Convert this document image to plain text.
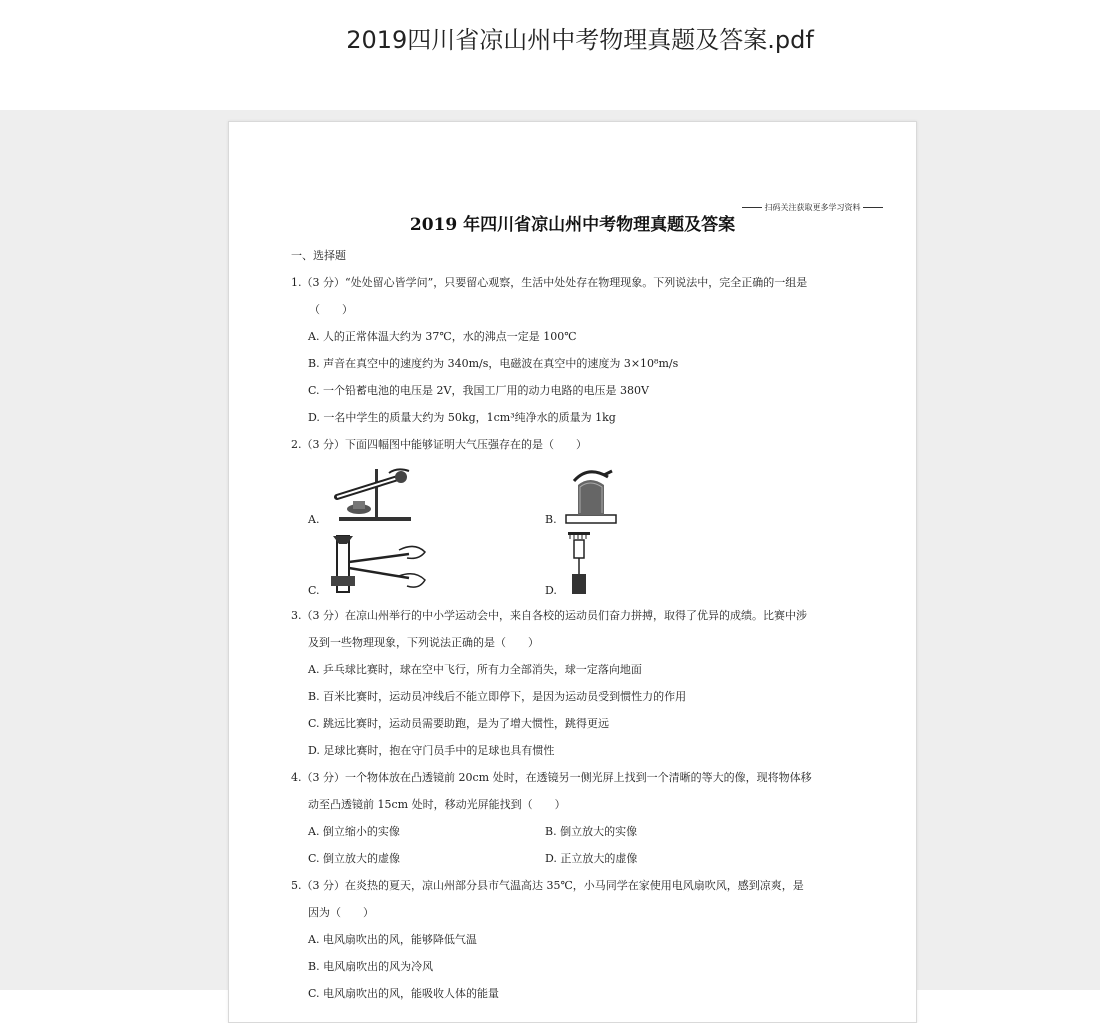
2019四川省凉山州中考物理真题及答案.pdf
扫码关注获取更多学习资料
2019 年四川省凉山州中考物理真题及答案
一、选择题
1.（3 分）“处处留心皆学问”，只要留心观察，生活中处处存在物理现象。下列说法中，完全正确的一组是
（　　）
A. 人的正常体温大约为 37℃，水的沸点一定是 100℃
B. 声音在真空中的速度约为 340m/s，电磁波在真空中的速度为 3×10⁸m/s
C. 一个铅蓄电池的电压是 2V，我国工厂用的动力电路的电压是 380V
D. 一名中学生的质量大约为 50kg，1cm³纯净水的质量为 1kg
2.（3 分）下面四幅图中能够证明大气压强存在的是（　　）
A.	B.
C.	D.
3.（3 分）在凉山州举行的中小学运动会中，来自各校的运动员们奋力拼搏，取得了优异的成绩。比赛中涉
及到一些物理现象，下列说法正确的是（　　）
A. 乒乓球比赛时，球在空中飞行，所有力全部消失，球一定落向地面
B. 百米比赛时，运动员冲线后不能立即停下，是因为运动员受到惯性力的作用
C. 跳远比赛时，运动员需要助跑，是为了增大惯性，跳得更远
D. 足球比赛时，抱在守门员手中的足球也具有惯性
4.（3 分）一个物体放在凸透镜前 20cm 处时，在透镜另一侧光屏上找到一个清晰的等大的像，现将物体移
动至凸透镜前 15cm 处时，移动光屏能找到（　　）
A. 倒立缩小的实像	B. 倒立放大的实像
C. 倒立放大的虚像	D. 正立放大的虚像
5.（3 分）在炎热的夏天，凉山州部分县市气温高达 35℃，小马同学在家使用电风扇吹风，感到凉爽，是
因为（　　）
A. 电风扇吹出的风，能够降低气温
B. 电风扇吹出的风为冷风
C. 电风扇吹出的风，能吸收人体的能量
